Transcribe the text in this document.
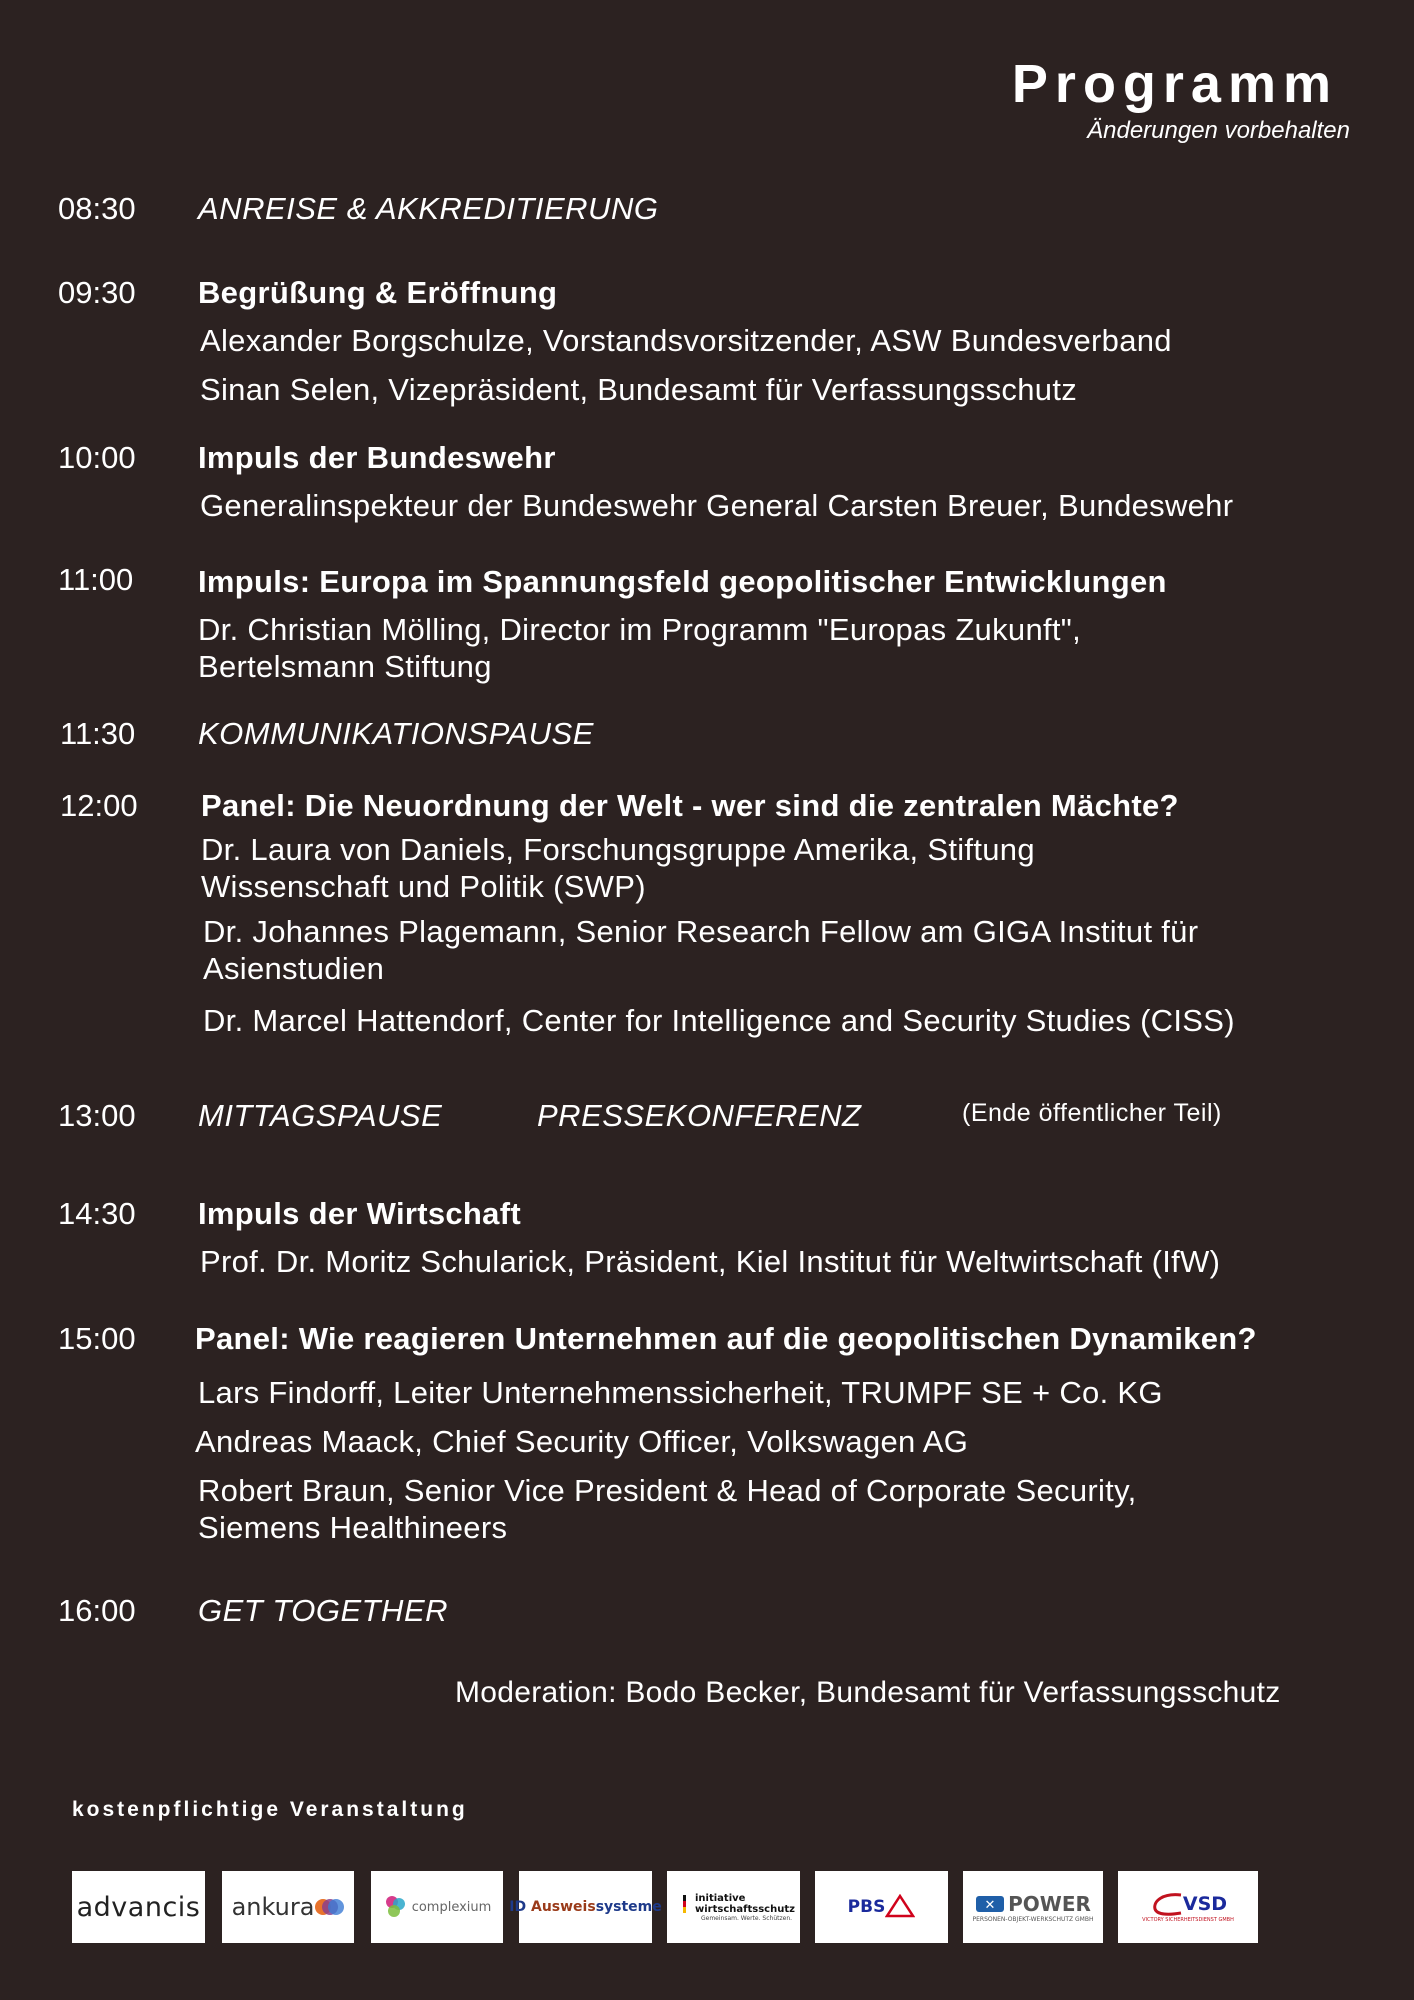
Programm
Änderungen vorbehalten
08:30 ANREISE & AKKREDITIERUNG
09:30 Begrüßung & Eröffnung
Alexander Borgschulze, Vorstandsvorsitzender, ASW Bundesverband
Sinan Selen, Vizepräsident, Bundesamt für Verfassungsschutz
10:00 Impuls der Bundeswehr
Generalinspekteur der Bundeswehr General Carsten Breuer, Bundeswehr
11:00 Impuls: Europa im Spannungsfeld geopolitischer Entwicklungen
Dr. Christian Mölling, Director im Programm "Europas Zukunft",
Bertelsmann Stiftung
11:30 KOMMUNIKATIONSPAUSE
12:00 Panel: Die Neuordnung der Welt - wer sind die zentralen Mächte?
Dr. Laura von Daniels, Forschungsgruppe Amerika, Stiftung
Wissenschaft und Politik (SWP)
Dr. Johannes Plagemann, Senior Research Fellow am GIGA Institut für
Asienstudien
Dr. Marcel Hattendorf, Center for Intelligence and Security Studies (CISS)
13:00 MITTAGSPAUSE	PRESSEKONFERENZ	(Ende öffentlicher Teil)
14:30 Impuls der Wirtschaft
Prof. Dr. Moritz Schularick, Präsident, Kiel Institut für Weltwirtschaft (IfW)
15:00 Panel: Wie reagieren Unternehmen auf die geopolitischen Dynamiken?
Lars Findorff, Leiter Unternehmenssicherheit, TRUMPF SE + Co. KG
Andreas Maack, Chief Security Officer, Volkswagen AG
Robert Braun, Senior Vice President & Head of Corporate Security,
Siemens Healthineers
16:00 GET TOGETHER
Moderation: Bodo Becker, Bundesamt für Verfassungsschutz
kostenpflichtige Veranstaltung
advancis ankura	complexium ID
Ausweis systeme
initiative
wirtschaftsschutz
Gemeinsam. Werte. Schützen.
PBS	✕ POWER
PERSONEN-OBJEKT-WERKSCHUTZ GMBH
VSD
VICTORY SICHERHEITSDIENST GMBH
